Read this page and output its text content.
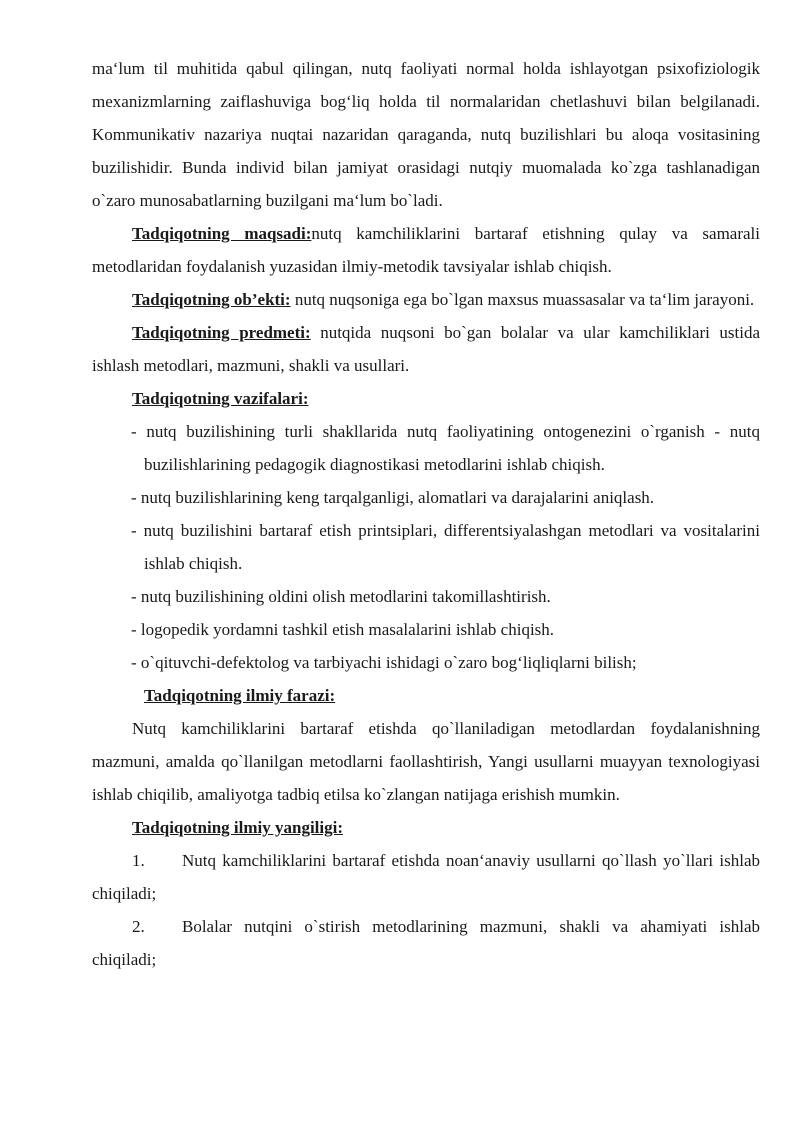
ma‘lum til muhitida qabul qilingan, nutq faoliyati normal holda ishlayotgan psixofiziologik mexanizmlarning zaiflashuviga bog‘liq holda til normalaridan chetlashuvi bilan belgilanadi. Kommunikativ nazariya nuqtai nazaridan qaraganda, nutq buzilishlari bu aloqa vositasining buzilishidir. Bunda individ bilan jamiyat orasidagi nutqiy muomalada ko`zga tashlanadigan o`zaro munosabatlarning buzilgani ma‘lum bo`ladi.

Tadqiqotning maqsadi:nutq kamchiliklarini bartaraf etishning qulay va samarali metodlaridan foydalanish yuzasidan ilmiy-metodik tavsiyalar ishlab chiqish.

Tadqiqotning ob’ekti: nutq nuqsoniga ega bo`lgan maxsus muassasalar va ta‘lim jarayoni.

Tadqiqotning predmeti: nutqida nuqsoni bo`gan bolalar va ular kamchiliklari ustida ishlash metodlari, mazmuni, shakli va usullari.

Tadqiqotning vazifalari:

- nutq buzilishining turli shakllarida nutq faoliyatining ontogenezini o`rganish - nutq buzilishlarining pedagogik diagnostikasi metodlarini ishlab chiqish.

- nutq buzilishlarining keng tarqalganligi, alomatlari va darajalarini aniqlash.

- nutq buzilishini bartaraf etish printsiplari, differentsiyalashgan metodlari va vositalarini ishlab chiqish.

- nutq buzilishining oldini olish metodlarini takomillashtirish.

- logopedik yordamni tashkil etish masalalarini ishlab chiqish.

- o`qituvchi-defektolog va tarbiyachi ishidagi o`zaro bog‘liqliqlarni bilish;

Tadqiqotning ilmiy farazi:

Nutq kamchiliklarini bartaraf etishda qo`llaniladigan metodlardan foydalanishning mazmuni, amalda qo`llanilgan metodlarni faollashtirish, Yangi usullarni muayyan texnologiyasi ishlab chiqilib, amaliyotga tadbiq etilsa ko`zlangan natijaga erishish mumkin.

Tadqiqotning ilmiy yangiligi:

1. Nutq kamchiliklarini bartaraf etishda noan‘anaviy usullarni qo`llash yo`llari ishlab chiqiladi;

2. Bolalar nutqini o`stirish metodlarining mazmuni, shakli va ahamiyati ishlab chiqiladi;
